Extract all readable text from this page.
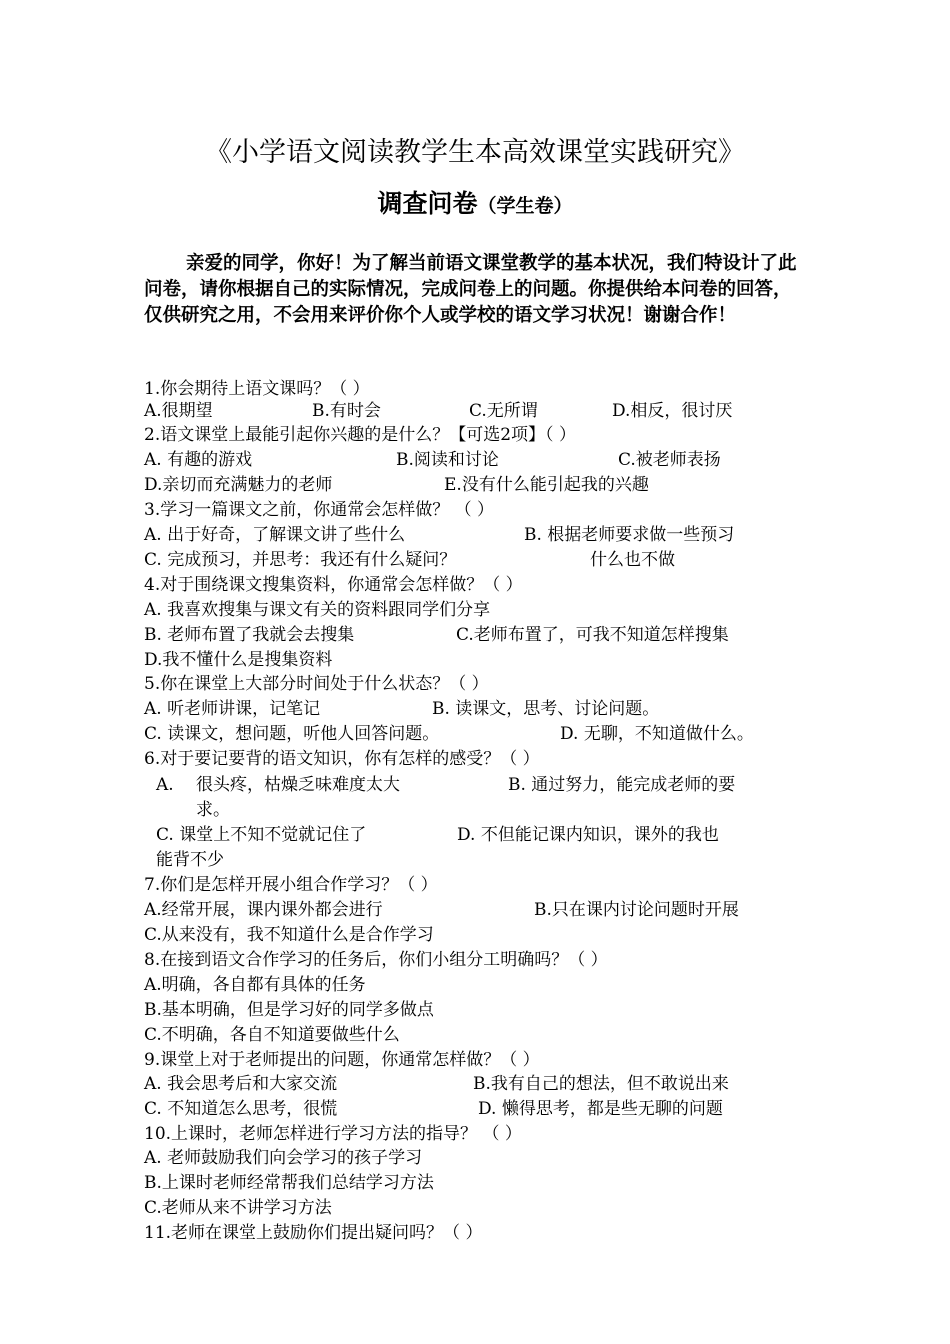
《小学语文阅读教学生本高效课堂实践研究》
调查问卷（学生卷）
亲爱的同学，你好！为了解当前语文课堂教学的基本状况，我们特设计了此问卷，请你根据自己的实际情况，完成问卷上的问题。你提供给本问卷的回答，仅供研究之用，不会用来评价你个人或学校的语文学习状况！谢谢合作！
1.你会期待上语文课吗？（ ）
A.很期望	B.有时会	C.无所谓	D.相反，很讨厌
2.语文课堂上最能引起你兴趣的是什么？【可选2项】（ ）
A. 有趣的游戏	B.阅读和讨论	C.被老师表扬
D.亲切而充满魅力的老师	E.没有什么能引起我的兴趣
3.学习一篇课文之前，你通常会怎样做？ （ ）
A. 出于好奇，了解课文讲了些什么	B. 根据老师要求做一些预习
C. 完成预习，并思考：我还有什么疑问？	什么也不做
4.对于围绕课文搜集资料，你通常会怎样做？（ ）
A. 我喜欢搜集与课文有关的资料跟同学们分享
B. 老师布置了我就会去搜集	C.老师布置了，可我不知道怎样搜集
D.我不懂什么是搜集资料
5.你在课堂上大部分时间处于什么状态？（ ）
A. 听老师讲课，记笔记	B. 读课文，思考、讨论问题。
C. 读课文，想问题，听他人回答问题。	D. 无聊，不知道做什么。
6.对于要记要背的语文知识，你有怎样的感受？（ ）
A. 很头疼，枯燥乏味难度太大	B. 通过努力，能完成老师的要
求。
C. 课堂上不知不觉就记住了	D. 不但能记课内知识，课外的我也
能背不少
7.你们是怎样开展小组合作学习？（ ）
A.经常开展，课内课外都会进行	B.只在课内讨论问题时开展
C.从来没有，我不知道什么是合作学习
8.在接到语文合作学习的任务后，你们小组分工明确吗？（ ）
A.明确，各自都有具体的任务
B.基本明确，但是学习好的同学多做点
C.不明确，各自不知道要做些什么
9.课堂上对于老师提出的问题，你通常怎样做？（ ）
A. 我会思考后和大家交流	B.我有自己的想法，但不敢说出来
C. 不知道怎么思考，很慌	D. 懒得思考，都是些无聊的问题
10.上课时，老师怎样进行学习方法的指导？ （ ）
A. 老师鼓励我们向会学习的孩子学习
B.上课时老师经常帮我们总结学习方法
C.老师从来不讲学习方法
11.老师在课堂上鼓励你们提出疑问吗？（ ）
